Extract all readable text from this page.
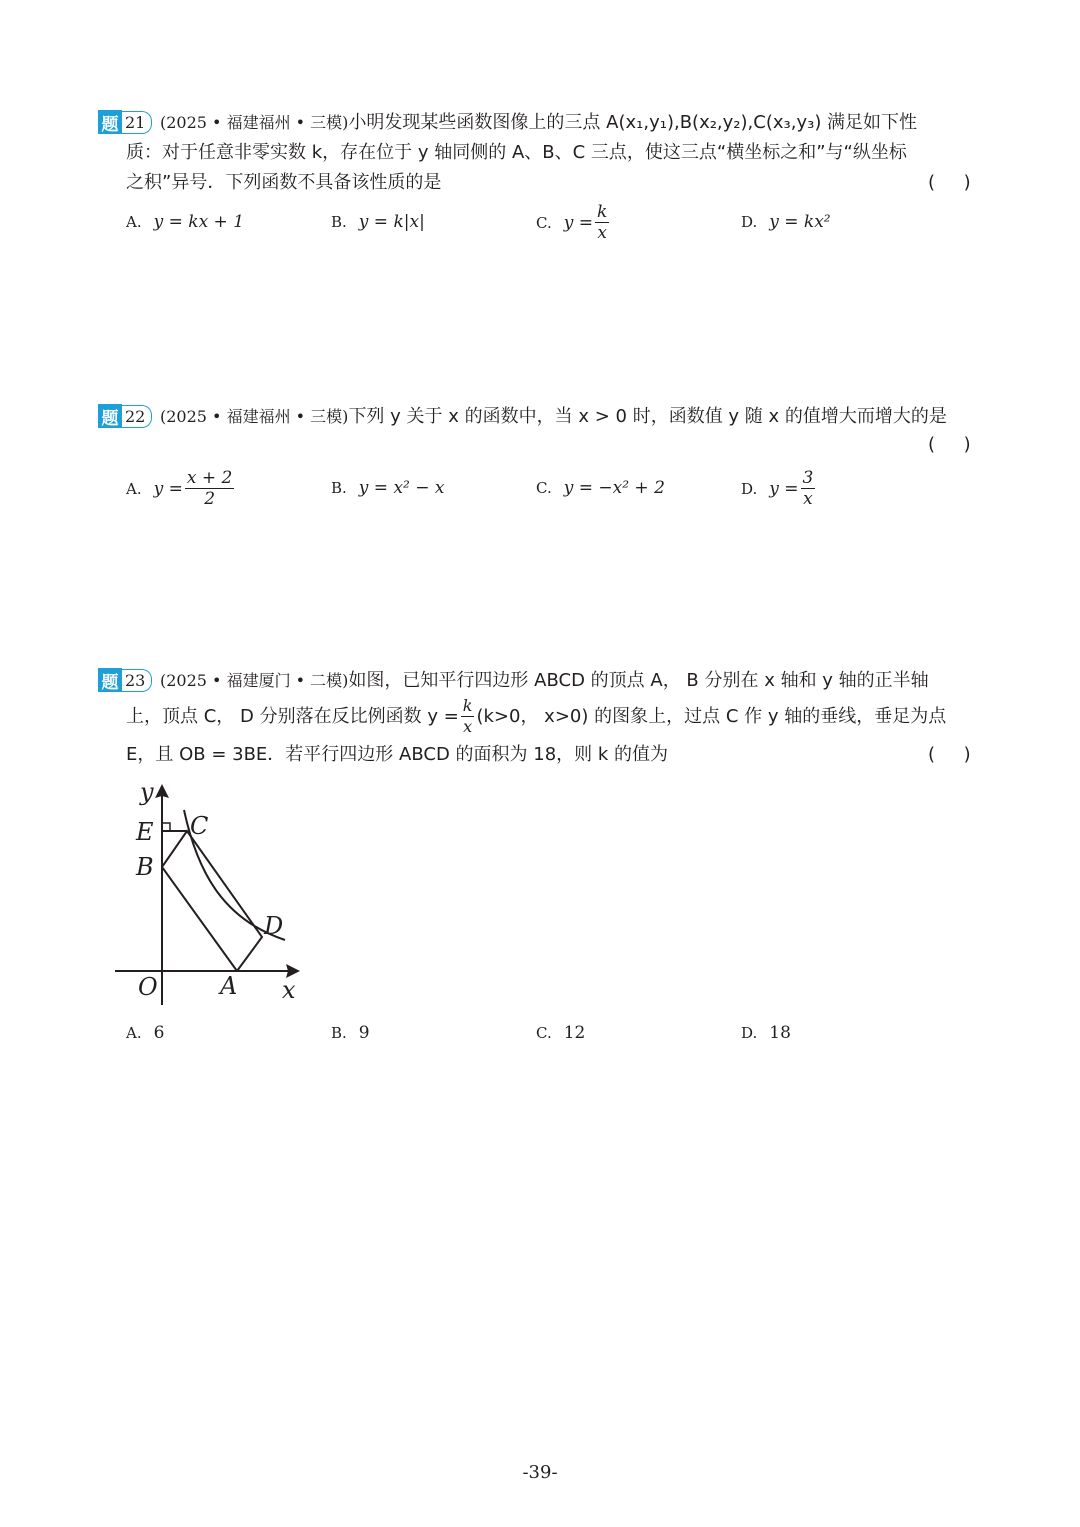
题 21 (2025 • 福建福州 • 三模)小明发现某些函数图像上的三点 A(x₁,y₁),B(x₂,y₂),C(x₃,y₃) 满足如下性
质：对于任意非零实数 k，存在位于 y 轴同侧的 A、B、C 三点，使这三点“横坐标之和”与“纵坐标
之积”异号．下列函数不具备该性质的是	(     )
A. y = kx + 1	B. y = k|x|	C. $y = \frac{k}{x}$	D. y = kx²
题 22 (2025 • 福建福州 • 三模)下列 y 关于 x 的函数中，当 x > 0 时，函数值 y 随 x 的值增大而增大的是
(     )
A. $y = \frac{x + 2}{2}$	B. y = x² − x	C. y = −x² + 2	D. $y = \frac{3}{x}$
题 23 (2025 • 福建厦门 • 二模)如图，已知平行四边形 ABCD 的顶点 A， B 分别在 x 轴和 y 轴的正半轴
上，顶点 C， D 分别落在反比例函数 $y = \frac{k}{x} (k>0$， x>0) 的图象上，过点 C 作 y 轴的垂线，垂足为点
E，且 OB = 3BE．若平行四边形 ABCD 的面积为 18，则 k 的值为	(     )
y
x
O	A
B
C
D
E
A. 6	B. 9	C. 12	D. 18
-39-
